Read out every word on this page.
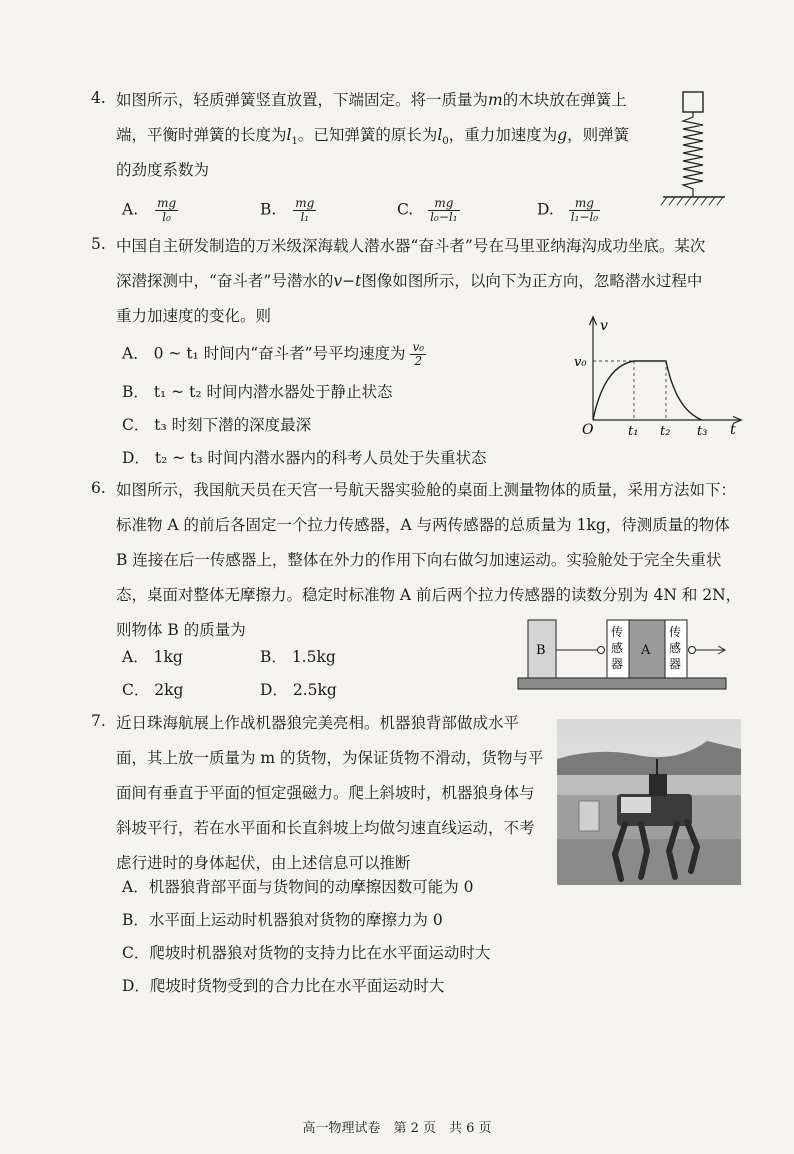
4. 如图所示，轻质弹簧竖直放置，下端固定。将一质量为m的木块放在弹簧上
端，平衡时弹簧的长度为$l_1$。已知弹簧的原长为$l_0$，重力加速度为g，则弹簧
的劲度系数为
A. $\frac{mg}{\text{l₀}}$	B. $\frac{mg}{\text{l₁}}$	C. $\frac{mg}{\text{l₀−l₁}}$	D. $\frac{mg}{\text{l₁−l₀}}$
5. 中国自主研发制造的万米级深海载人潜水器“奋斗者”号在马里亚纳海沟成功坐底。某次
深潜探测中，“奋斗者”号潜水的v−t图像如图所示，以向下为正方向，忽略潜水过程中
重力加速度的变化。则
A． 0 ~ t₁ 时间内“奋斗者”号平均速度为 $\frac{\text{v₀}}{2}$
B． t₁ ~ t₂ 时间内潜水器处于静止状态
C． t₃ 时刻下潜的深度最深
D． t₂ ~ t₃ 时间内潜水器内的科考人员处于失重状态
v
v₀
O	t₁ t₂ t₃ t
6. 如图所示，我国航天员在天宫一号航天器实验舱的桌面上测量物体的质量，采用方法如下：
标准物 A 的前后各固定一个拉力传感器，A 与两传感器的总质量为 1kg，待测质量的物体
B 连接在后一传感器上，整体在外力的作用下向右做匀加速运动。实验舱处于完全失重状
态，桌面对整体无摩擦力。稳定时标准物 A 前后两个拉力传感器的读数分别为 4N 和 2N，
则物体 B 的质量为
A． 1kg	B． 1.5kg
C． 2kg	D． 2.5kg
B
传
感
器
A
传
感
器
7. 近日珠海航展上作战机器狼完美亮相。机器狼背部做成水平
面，其上放一质量为 m 的货物，为保证货物不滑动，货物与平
面间有垂直于平面的恒定强磁力。爬上斜坡时，机器狼身体与
斜坡平行，若在水平面和长直斜坡上均做匀速直线运动，不考
虑行进时的身体起伏，由上述信息可以推断
A．机器狼背部平面与货物间的动摩擦因数可能为 0
B．水平面上运动时机器狼对货物的摩擦力为 0
C．爬坡时机器狼对货物的支持力比在水平面运动时大
D．爬坡时货物受到的合力比在水平面运动时大
高一物理试卷　第 2 页　共 6 页
